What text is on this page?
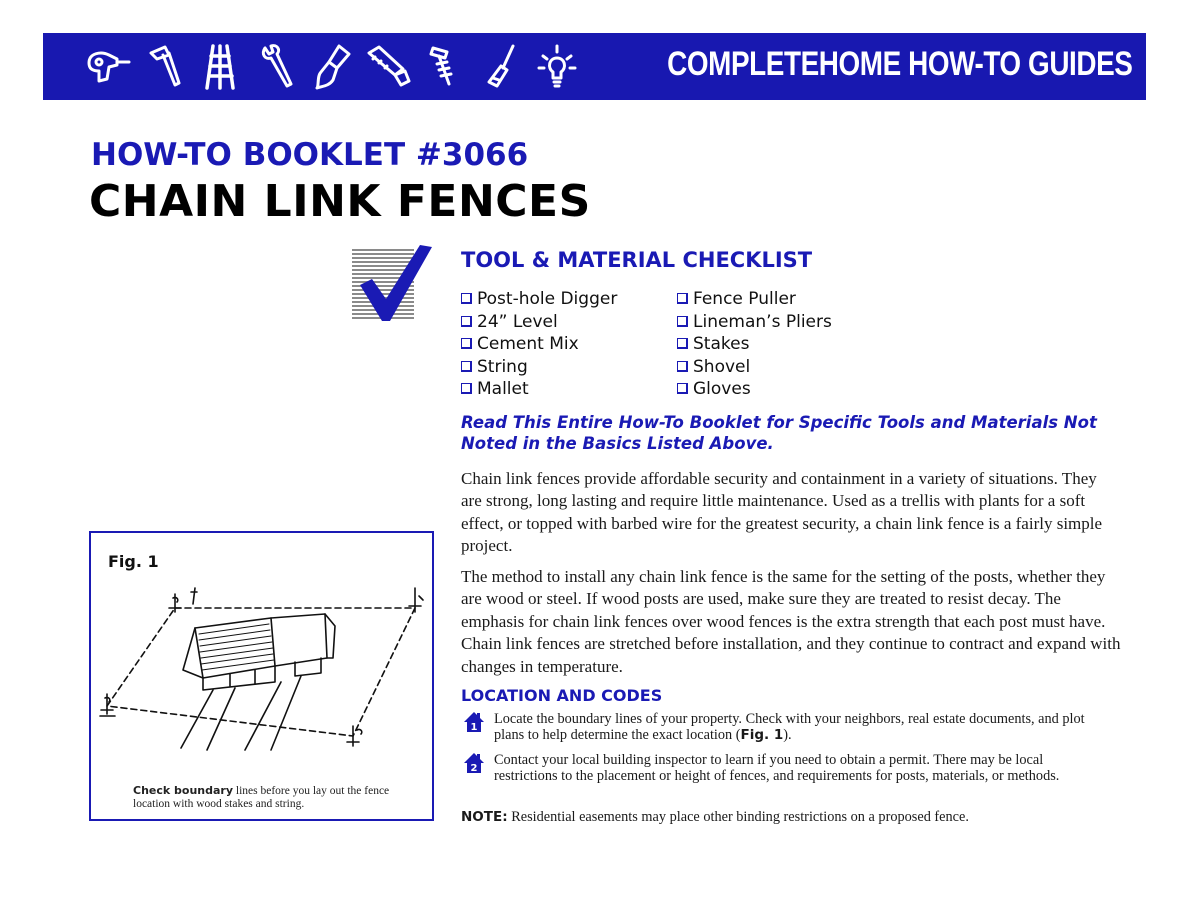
COMPLETEHOME HOW-TO GUIDES
HOW-TO BOOKLET #3066
CHAIN LINK FENCES
TOOL & MATERIAL CHECKLIST
Post-hole Digger
24” Level
Cement Mix
String
Mallet
Fence Puller
Lineman’s Pliers
Stakes
Shovel
Gloves
Read This Entire How-To Booklet for Specific Tools and Materials Not Noted in the Basics Listed Above.
Chain link fences provide affordable security and containment in a variety of situations. They are strong, long lasting and require little maintenance. Used as a trellis with plants for a soft effect, or topped with barbed wire for the greatest security, a chain link fence is a fairly simple project.
The method to install any chain link fence is the same for the setting of the posts, whether they are wood or steel. If wood posts are used, make sure they are treated to resist decay. The emphasis for chain link fences over wood fences is the extra strength that each post must have. Chain link fences are stretched before installation, and they continue to contract and expand with changes in temperature.
LOCATION AND CODES
1
Locate the boundary lines of your property. Check with your neighbors, real estate documents, and plot plans to help determine the exact location (Fig. 1).
2
Contact your local building inspector to learn if you need to obtain a permit. There may be local restrictions to the placement or height of fences, and requirements for posts, materials, or methods.
NOTE: Residential easements may place other binding restrictions on a proposed fence.
Fig. 1
Check boundary lines before you lay out the fence location with wood stakes and string.
